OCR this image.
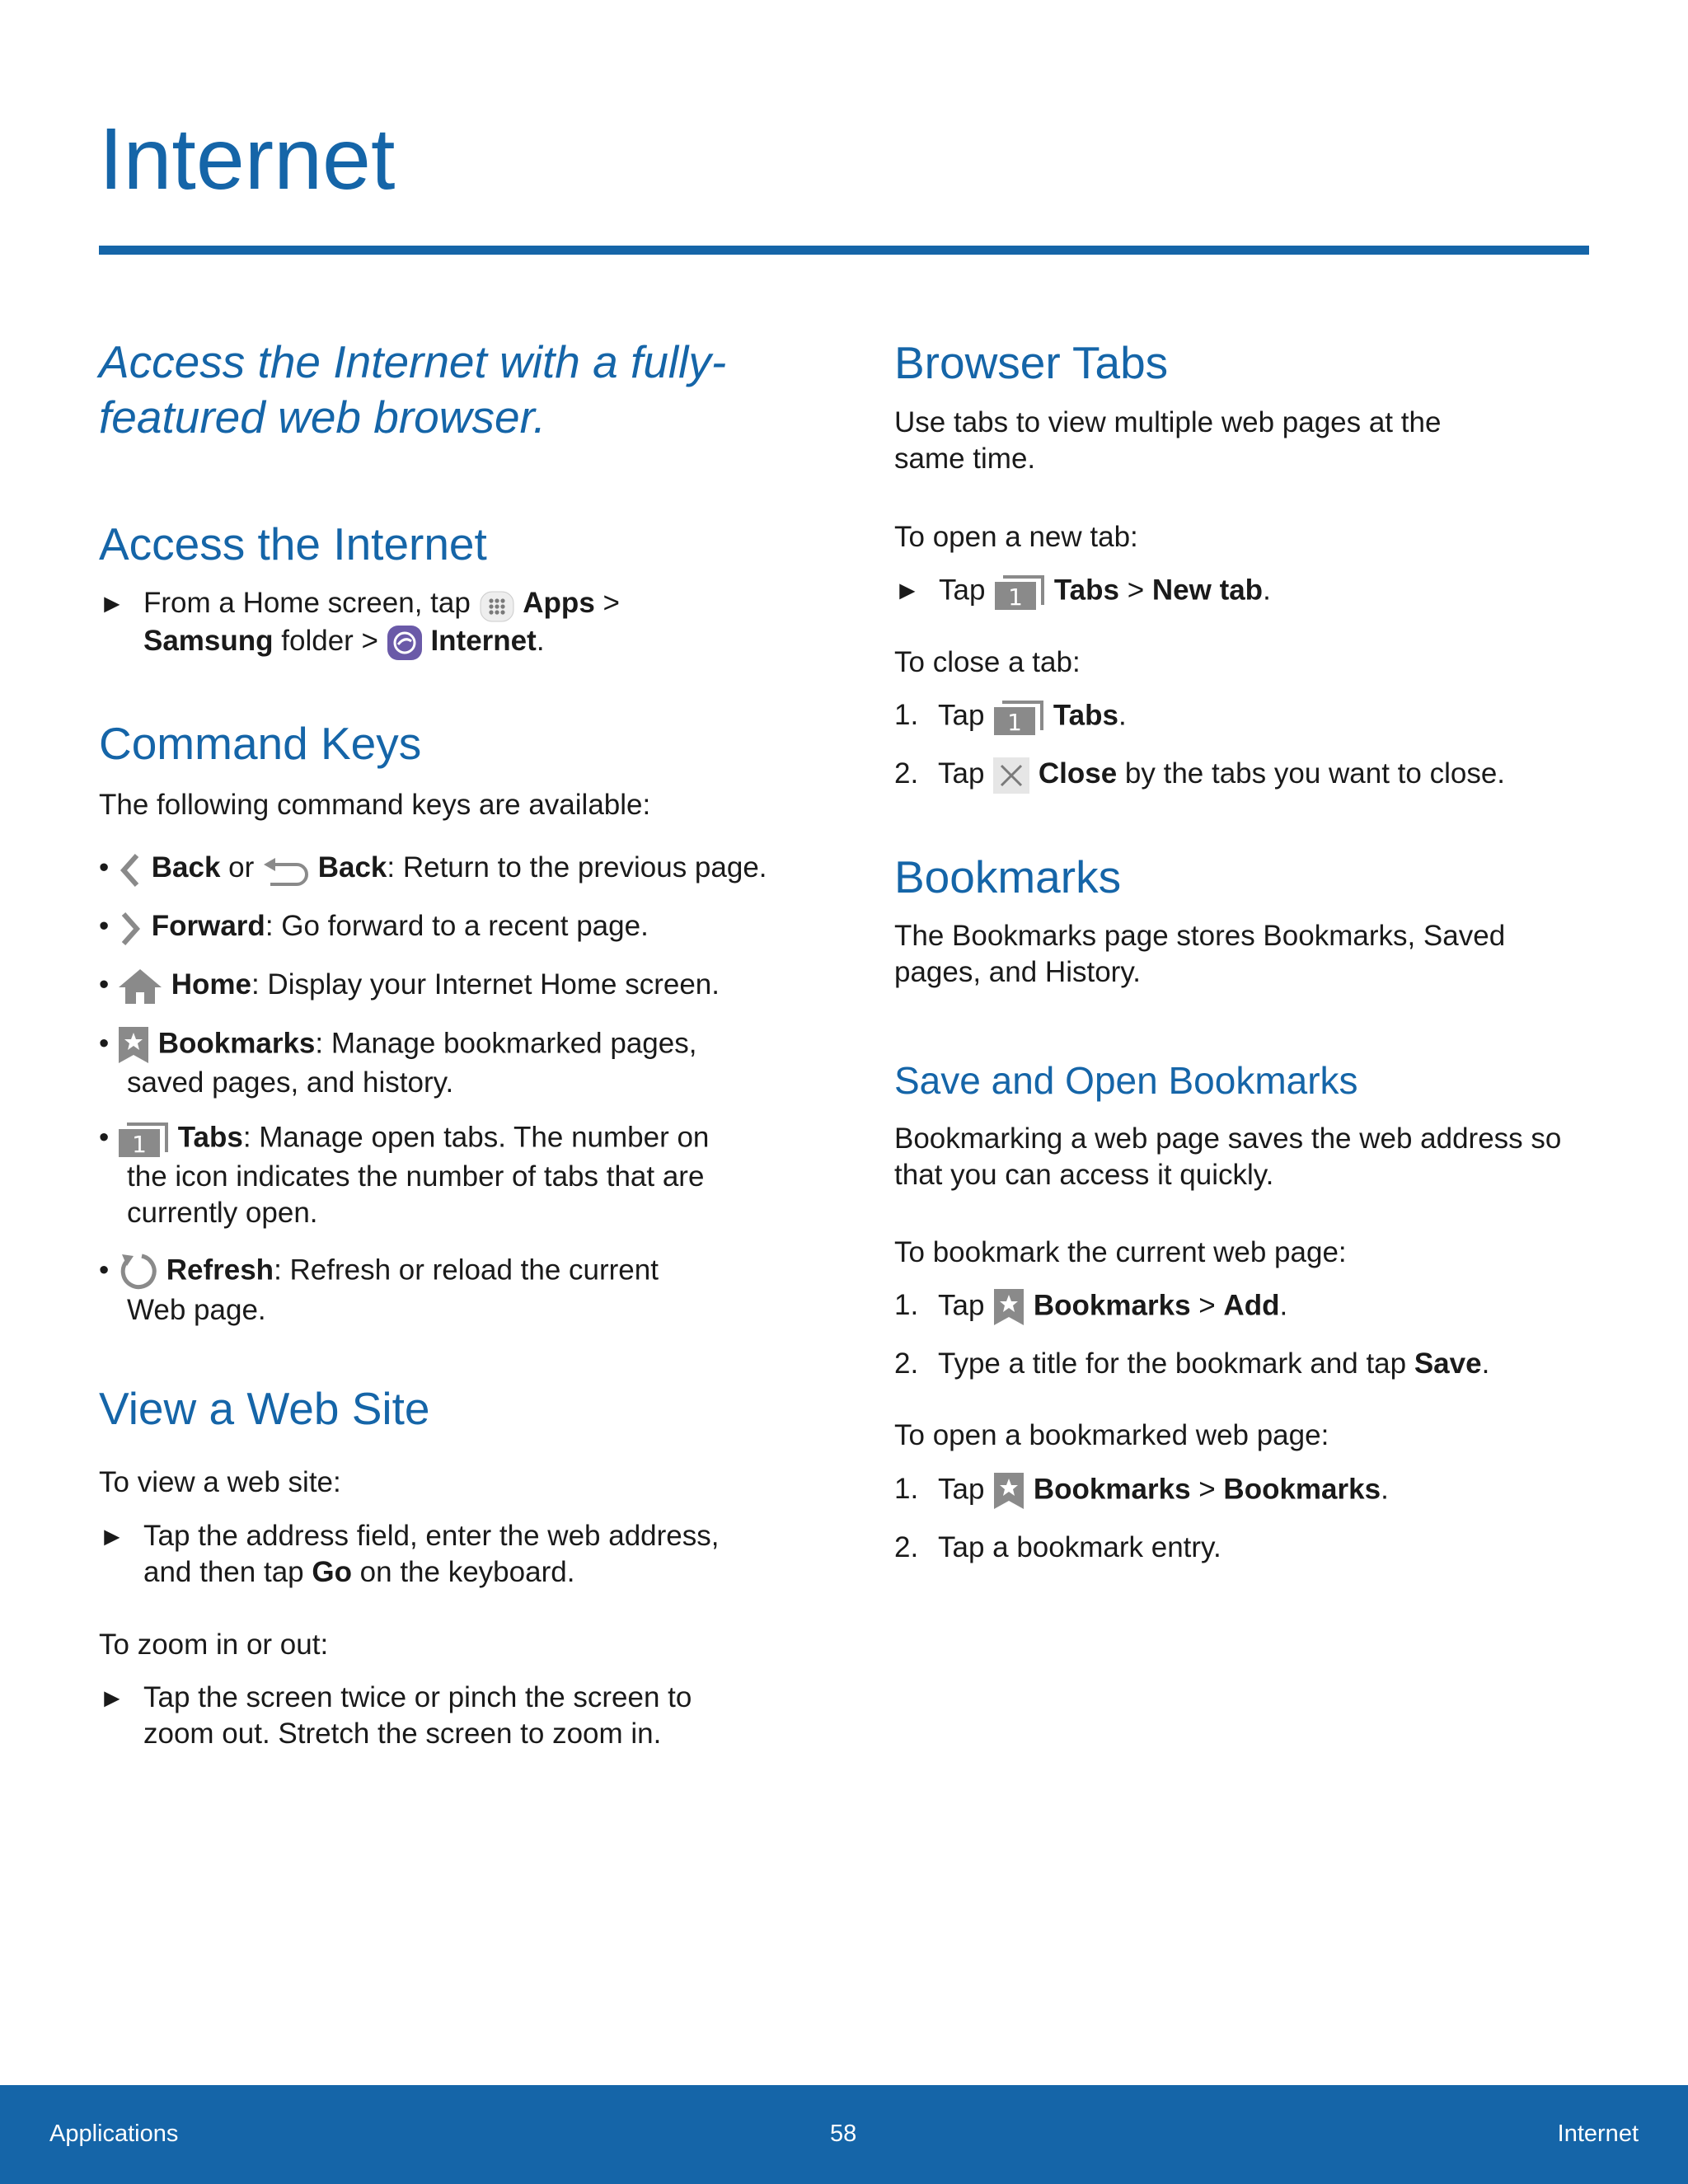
Internet
Access the Internet with a fully-featured web browser.
Access the Internet
► From a Home screen, tap  Apps >
Samsung folder >  Internet.
Command Keys
The following command keys are available:
• Back or  Back: Return to the previous page.
• Forward: Go forward to a recent page.
• Home: Display your Internet Home screen.
• Bookmarks: Manage bookmarked pages,
saved pages, and history.
• 1 Tabs: Manage open tabs. The number on
the icon indicates the number of tabs that are
currently open.
• Refresh: Refresh or reload the current
Web page.
View a Web Site
To view a web site:
► Tap the address field, enter the web address,
and then tap Go on the keyboard.
To zoom in or out:
► Tap the screen twice or pinch the screen to
zoom out. Stretch the screen to zoom in.
Browser Tabs
Use tabs to view multiple web pages at the
same time.
To open a new tab:
► Tap 1 Tabs > New tab.
To close a tab:
1. Tap 1 Tabs.
2. Tap  Close by the tabs you want to close.
Bookmarks
The Bookmarks page stores Bookmarks, Saved
pages, and History.
Save and Open Bookmarks
Bookmarking a web page saves the web address so
that you can access it quickly.
To bookmark the current web page:
1. Tap  Bookmarks > Add.
2. Type a title for the bookmark and tap Save.
To open a bookmarked web page:
1. Tap  Bookmarks > Bookmarks.
2. Tap a bookmark entry.
Applications	58	Internet
